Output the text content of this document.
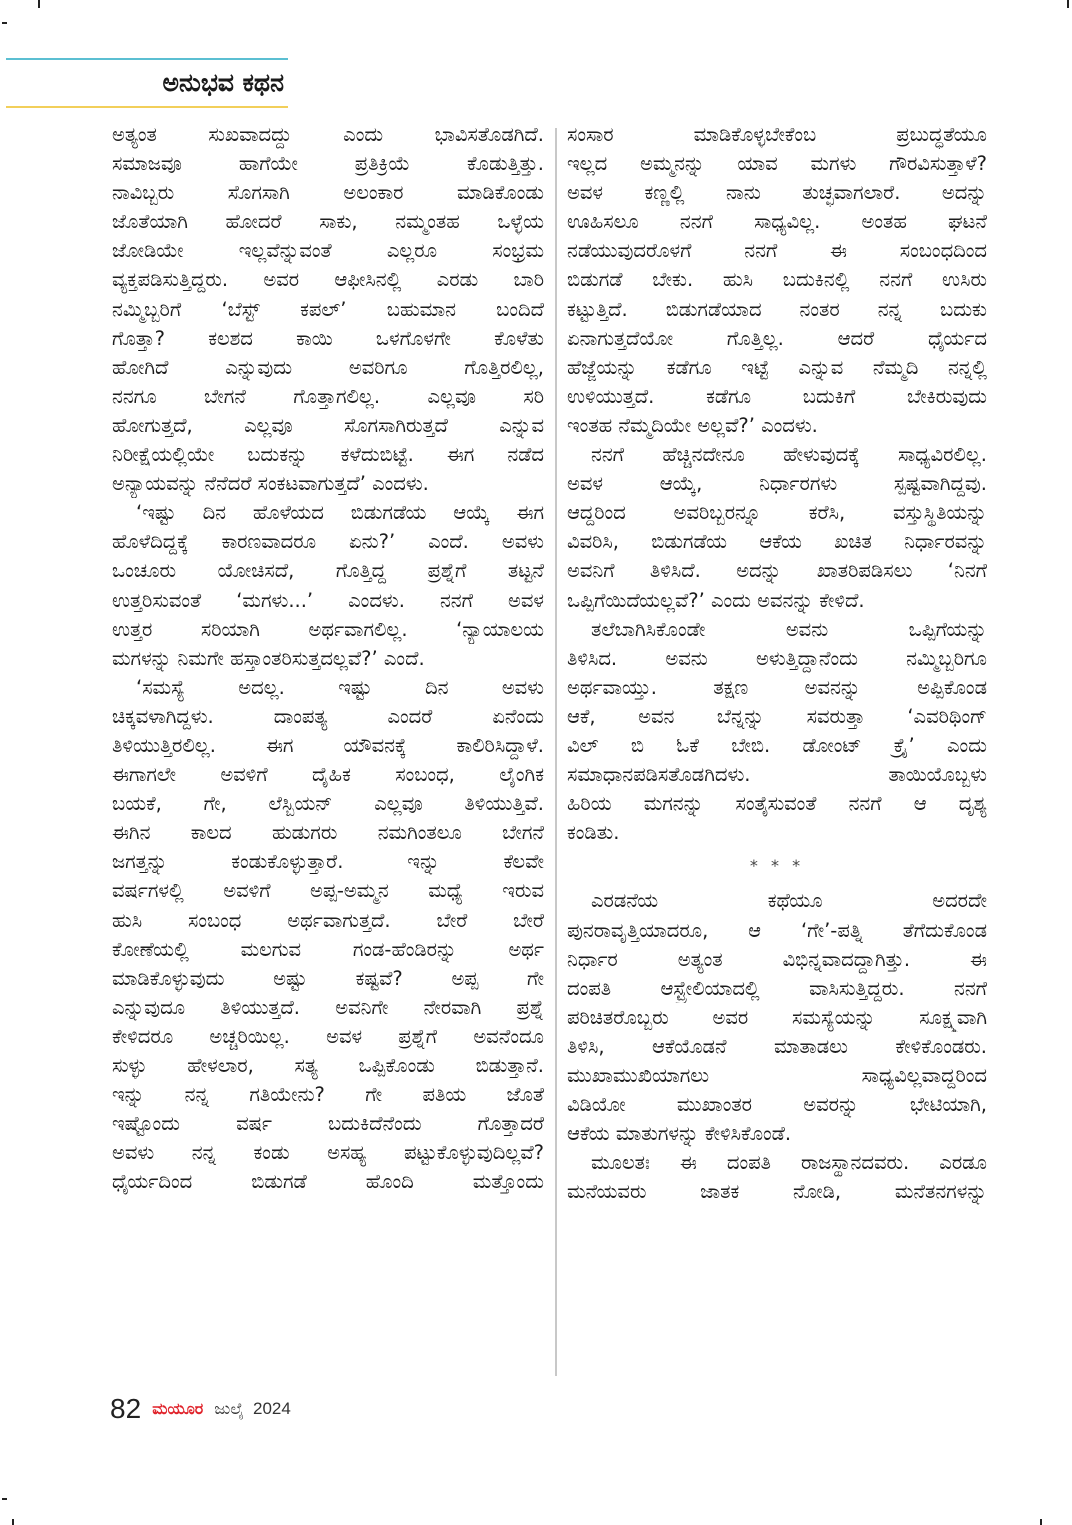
ಅನುಭವ ಕಥನ
ಅತ್ಯಂತ ಸುಖವಾದದ್ದು ಎಂದು ಭಾವಿಸತೊಡಗಿದೆ.
ಸಮಾಜವೂ ಹಾಗೆಯೇ ಪ್ರತಿಕ್ರಿಯೆ ಕೊಡುತ್ತಿತ್ತು.
ನಾವಿಬ್ಬರು ಸೊಗಸಾಗಿ ಅಲಂಕಾರ ಮಾಡಿಕೊಂಡು
ಜೊತೆಯಾಗಿ ಹೋದರೆ ಸಾಕು, ನಮ್ಮಂತಹ ಒಳ್ಳೆಯ
ಜೋಡಿಯೇ ಇಲ್ಲವೆನ್ನುವಂತೆ ಎಲ್ಲರೂ ಸಂಭ್ರಮ
ವ್ಯಕ್ತಪಡಿಸುತ್ತಿದ್ದರು. ಅವರ ಆಫೀಸಿನಲ್ಲಿ ಎರಡು ಬಾರಿ
ನಮ್ಮಿಬ್ಬರಿಗೆ ‘ಬೆಸ್ಟ್ ಕಪಲ್’ ಬಹುಮಾನ ಬಂದಿದೆ
ಗೊತ್ತಾ? ಕಲಶದ ಕಾಯಿ ಒಳಗೊಳಗೇ ಕೊಳೆತು
ಹೋಗಿದೆ ಎನ್ನುವುದು ಅವರಿಗೂ ಗೊತ್ತಿರಲಿಲ್ಲ,
ನನಗೂ ಬೇಗನೆ ಗೊತ್ತಾಗಲಿಲ್ಲ. ಎಲ್ಲವೂ ಸರಿ
ಹೋಗುತ್ತದೆ, ಎಲ್ಲವೂ ಸೊಗಸಾಗಿರುತ್ತದೆ ಎನ್ನುವ
ನಿರೀಕ್ಷೆಯಲ್ಲಿಯೇ ಬದುಕನ್ನು ಕಳೆದುಬಿಟ್ಟೆ. ಈಗ ನಡೆದ
ಅನ್ಯಾಯವನ್ನು ನೆನೆದರೆ ಸಂಕಟವಾಗುತ್ತದೆ’ ಎಂದಳು.
‘ಇಷ್ಟು ದಿನ ಹೊಳೆಯದ ಬಿಡುಗಡೆಯ ಆಯ್ಕೆ ಈಗ
ಹೊಳೆದಿದ್ದಕ್ಕೆ ಕಾರಣವಾದರೂ ಏನು?’ ಎಂದೆ. ಅವಳು
ಒಂಚೂರು ಯೋಚಿಸದೆ, ಗೊತ್ತಿದ್ದ ಪ್ರಶ್ನೆಗೆ ತಟ್ಟನೆ
ಉತ್ತರಿಸುವಂತೆ ‘ಮಗಳು...’ ಎಂದಳು. ನನಗೆ ಅವಳ
ಉತ್ತರ ಸರಿಯಾಗಿ ಅರ್ಥವಾಗಲಿಲ್ಲ. ‘ನ್ಯಾಯಾಲಯ
ಮಗಳನ್ನು ನಿಮಗೇ ಹಸ್ತಾಂತರಿಸುತ್ತದಲ್ಲವೆ?’ ಎಂದೆ.
‘ಸಮಸ್ಯೆ ಅದಲ್ಲ. ಇಷ್ಟು ದಿನ ಅವಳು
ಚಿಕ್ಕವಳಾಗಿದ್ದಳು. ದಾಂಪತ್ಯ ಎಂದರೆ ಏನೆಂದು
ತಿಳಿಯುತ್ತಿರಲಿಲ್ಲ. ಈಗ ಯೌವನಕ್ಕೆ ಕಾಲಿರಿಸಿದ್ದಾಳೆ.
ಈಗಾಗಲೇ ಅವಳಿಗೆ ದೈಹಿಕ ಸಂಬಂಧ, ಲೈಂಗಿಕ
ಬಯಕೆ, ಗೇ, ಲೆಸ್ಬಿಯನ್ ಎಲ್ಲವೂ ತಿಳಿಯುತ್ತಿವೆ.
ಈಗಿನ ಕಾಲದ ಹುಡುಗರು ನಮಗಿಂತಲೂ ಬೇಗನೆ
ಜಗತ್ತನ್ನು ಕಂಡುಕೊಳ್ಳುತ್ತಾರೆ. ಇನ್ನು ಕೆಲವೇ
ವರ್ಷಗಳಲ್ಲಿ ಅವಳಿಗೆ ಅಪ್ಪ-ಅಮ್ಮನ ಮಧ್ಯೆ ಇರುವ
ಹುಸಿ ಸಂಬಂಧ ಅರ್ಥವಾಗುತ್ತದೆ. ಬೇರೆ ಬೇರೆ
ಕೋಣೆಯಲ್ಲಿ ಮಲಗುವ ಗಂಡ-ಹೆಂಡಿರನ್ನು ಅರ್ಥ
ಮಾಡಿಕೊಳ್ಳುವುದು ಅಷ್ಟು ಕಷ್ಟವೆ? ಅಪ್ಪ ಗೇ
ಎನ್ನುವುದೂ ತಿಳಿಯುತ್ತದೆ. ಅವನಿಗೇ ನೇರವಾಗಿ ಪ್ರಶ್ನೆ
ಕೇಳಿದರೂ ಅಚ್ಚರಿಯಿಲ್ಲ. ಅವಳ ಪ್ರಶ್ನೆಗೆ ಅವನೆಂದೂ
ಸುಳ್ಳು ಹೇಳಲಾರ, ಸತ್ಯ ಒಪ್ಪಿಕೊಂಡು ಬಿಡುತ್ತಾನೆ.
ಇನ್ನು ನನ್ನ ಗತಿಯೇನು? ಗೇ ಪತಿಯ ಜೊತೆ
ಇಷ್ಟೊಂದು ವರ್ಷ ಬದುಕಿದೆನೆಂದು ಗೊತ್ತಾದರೆ
ಅವಳು ನನ್ನ ಕಂಡು ಅಸಹ್ಯ ಪಟ್ಟುಕೊಳ್ಳುವುದಿಲ್ಲವೆ?
ಧೈರ್ಯದಿಂದ ಬಿಡುಗಡೆ ಹೊಂದಿ ಮತ್ತೊಂದು
ಸಂಸಾರ ಮಾಡಿಕೊಳ್ಳಬೇಕೆಂಬ ಪ್ರಬುದ್ಧತೆಯೂ
ಇಲ್ಲದ ಅಮ್ಮನನ್ನು ಯಾವ ಮಗಳು ಗೌರವಿಸುತ್ತಾಳೆ?
ಅವಳ ಕಣ್ಣಲ್ಲಿ ನಾನು ತುಚ್ಛವಾಗಲಾರೆ. ಅದನ್ನು
ಊಹಿಸಲೂ ನನಗೆ ಸಾಧ್ಯವಿಲ್ಲ. ಅಂತಹ ಘಟನೆ
ನಡೆಯುವುದರೊಳಗೆ ನನಗೆ ಈ ಸಂಬಂಧದಿಂದ
ಬಿಡುಗಡೆ ಬೇಕು. ಹುಸಿ ಬದುಕಿನಲ್ಲಿ ನನಗೆ ಉಸಿರು
ಕಟ್ಟುತ್ತಿದೆ. ಬಿಡುಗಡೆಯಾದ ನಂತರ ನನ್ನ ಬದುಕು
ಏನಾಗುತ್ತದೆಯೋ ಗೊತ್ತಿಲ್ಲ. ಆದರೆ ಧೈರ್ಯದ
ಹೆಜ್ಜೆಯನ್ನು ಕಡೆಗೂ ಇಟ್ಟೆ ಎನ್ನುವ ನೆಮ್ಮದಿ ನನ್ನಲ್ಲಿ
ಉಳಿಯುತ್ತದೆ. ಕಡೆಗೂ ಬದುಕಿಗೆ ಬೇಕಿರುವುದು
ಇಂತಹ ನೆಮ್ಮದಿಯೇ ಅಲ್ಲವೆ?’ ಎಂದಳು.
ನನಗೆ ಹೆಚ್ಚಿನದೇನೂ ಹೇಳುವುದಕ್ಕೆ ಸಾಧ್ಯವಿರಲಿಲ್ಲ.
ಅವಳ ಆಯ್ಕೆ, ನಿರ್ಧಾರಗಳು ಸ್ಪಷ್ಟವಾಗಿದ್ದವು.
ಆದ್ದರಿಂದ ಅವರಿಬ್ಬರನ್ನೂ ಕರೆಸಿ, ವಸ್ತುಸ್ಥಿತಿಯನ್ನು
ವಿವರಿಸಿ, ಬಿಡುಗಡೆಯ ಆಕೆಯ ಖಚಿತ ನಿರ್ಧಾರವನ್ನು
ಅವನಿಗೆ ತಿಳಿಸಿದೆ. ಅದನ್ನು ಖಾತರಿಪಡಿಸಲು ‘ನಿನಗೆ
ಒಪ್ಪಿಗೆಯಿದೆಯಲ್ಲವೆ?’ ಎಂದು ಅವನನ್ನು ಕೇಳಿದೆ.
ತಲೆಬಾಗಿಸಿಕೊಂಡೇ ಅವನು ಒಪ್ಪಿಗೆಯನ್ನು
ತಿಳಿಸಿದ. ಅವನು ಅಳುತ್ತಿದ್ದಾನೆಂದು ನಮ್ಮಿಬ್ಬರಿಗೂ
ಅರ್ಥವಾಯ್ತು. ತಕ್ಷಣ ಅವನನ್ನು ಅಪ್ಪಿಕೊಂಡ
ಆಕೆ, ಅವನ ಬೆನ್ನನ್ನು ಸವರುತ್ತಾ ‘ಎವರಿಥಿಂಗ್
ವಿಲ್ ಬಿ ಓಕೆ ಬೇಬಿ. ಡೋಂಟ್ ಕ್ರೈ’ ಎಂದು
ಸಮಾಧಾನಪಡಿಸತೊಡಗಿದಳು. ತಾಯಿಯೊಬ್ಬಳು
ಹಿರಿಯ ಮಗನನ್ನು ಸಂತೈಸುವಂತೆ ನನಗೆ ಆ ದೃಶ್ಯ
ಕಂಡಿತು.
* * *
ಎರಡನೆಯ ಕಥೆಯೂ ಅದರದೇ
ಪುನರಾವೃತ್ತಿಯಾದರೂ, ಆ ‘ಗೇ’-ಪತ್ನಿ ತೆಗೆದುಕೊಂಡ
ನಿರ್ಧಾರ ಅತ್ಯಂತ ವಿಭಿನ್ನವಾದದ್ದಾಗಿತ್ತು. ಈ
ದಂಪತಿ ಆಸ್ಟ್ರೇಲಿಯಾದಲ್ಲಿ ವಾಸಿಸುತ್ತಿದ್ದರು. ನನಗೆ
ಪರಿಚಿತರೊಬ್ಬರು ಅವರ ಸಮಸ್ಯೆಯನ್ನು ಸೂಕ್ಷ್ಮವಾಗಿ
ತಿಳಿಸಿ, ಆಕೆಯೊಡನೆ ಮಾತಾಡಲು ಕೇಳಿಕೊಂಡರು.
ಮುಖಾಮುಖಿಯಾಗಲು ಸಾಧ್ಯವಿಲ್ಲವಾದ್ದರಿಂದ
ವಿಡಿಯೋ ಮುಖಾಂತರ ಅವರನ್ನು ಭೇಟಿಯಾಗಿ,
ಆಕೆಯ ಮಾತುಗಳನ್ನು ಕೇಳಿಸಿಕೊಂಡೆ.
ಮೂಲತಃ ಈ ದಂಪತಿ ರಾಜಸ್ಥಾನದವರು. ಎರಡೂ
ಮನೆಯವರು ಜಾತಕ ನೋಡಿ, ಮನೆತನಗಳನ್ನು
82 ಮಯೂರ ಜುಲೈ 2024
